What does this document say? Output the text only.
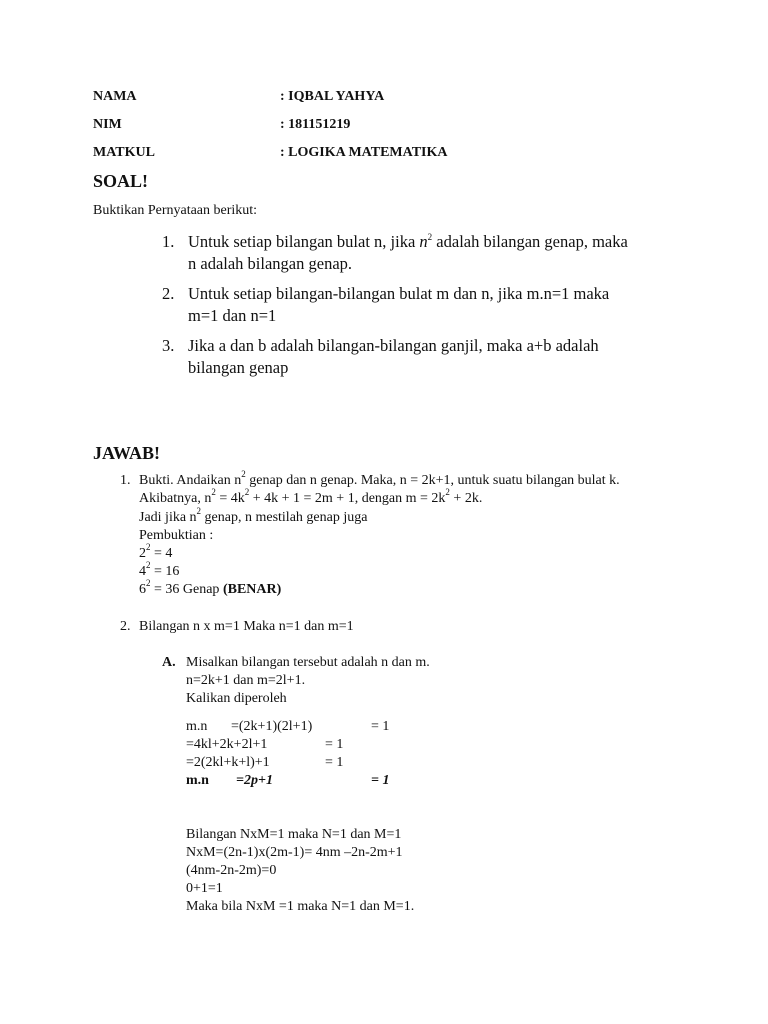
NAMA	: IQBAL YAHYA
NIM	: 181151219
MATKUL	: LOGIKA MATEMATIKA
SOAL!
Buktikan Pernyataan berikut:
1. Untuk setiap bilangan bulat n, jika $n^2$ adalah bilangan genap, maka
n adalah bilangan genap.
2. Untuk setiap bilangan-bilangan bulat m dan n, jika m.n=1 maka
m=1 dan n=1
3. Jika a dan b adalah bilangan-bilangan ganjil, maka a+b adalah
bilangan genap
JAWAB!
1. Bukti. Andaikan $n^2$ genap dan n genap. Maka, n = 2k+1, untuk suatu bilangan bulat k.
Akibatnya, $n^2 = 4k^2 + 4k + 1 = 2m + 1$, dengan $m = 2k^2 + 2k$.
Jadi jika $n^2$ genap, n mestilah genap juga
Pembuktian :
$2^2 = 4$
$4^2 = 16$
$6^2 = 36$ Genap (BENAR)
2. Bilangan n x m=1 Maka n=1 dan m=1
A. Misalkan bilangan tersebut adalah n dan m.
n=2k+1 dan m=2l+1.
Kalikan diperoleh
m.n =(2k+1)(2l+1)	= 1
=4kl+2k+2l+1	= 1
=2(2kl+k+l)+1	= 1
m.n =2p+1	= 1
Bilangan NxM=1 maka N=1 dan M=1
NxM=(2n-1)x(2m-1)= 4nm –2n-2m+1
(4nm-2n-2m)=0
0+1=1
Maka bila NxM =1 maka N=1 dan M=1.
